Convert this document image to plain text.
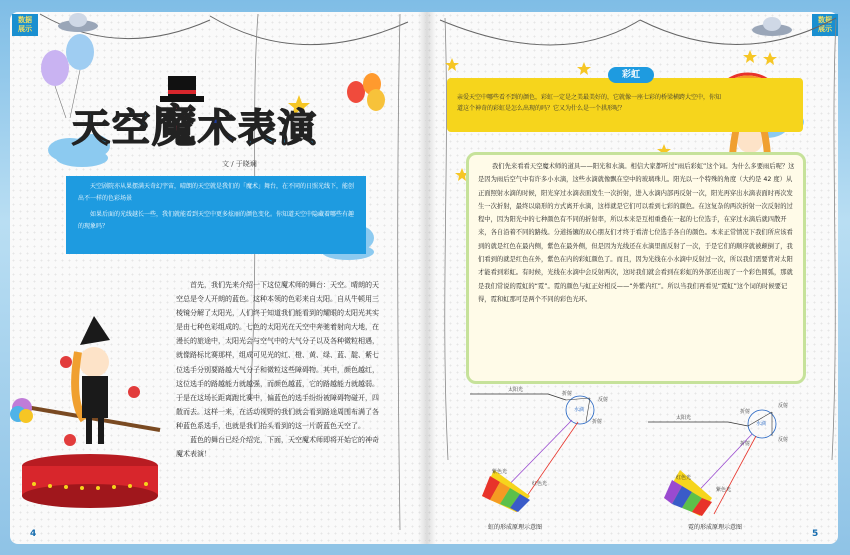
数据
展示
数据
展示
天空魔术表演
文 / 于晓斓

天空剧院亦从果摆满天奇幻宇宙，晴朗的天空就是我们的「魔术」舞台，在不同的日照光线下，能创出不一样的色彩场景

如果后面的光线越长一些，我们就能看到天空中更多炫丽的颜色变化。你知道天空中隐藏着哪些有趣的现象吗？

首先，我们先来介绍一下这位魔术师的舞台：天空。晴朗的天空总是令人开朗的蓝色。这种本领的色彩来自太阳。自从牛顿用三棱镜分解了太阳光，人们终于知道我们能看到的耀眼的太阳光其实是由七种色彩组成的。七色的太阳光在天空中奔驰着射向大地，在漫长的旅途中，太阳光会与空气中的大气分子以及各种微粒相遇，就像路标比赛那样，组成可见光的红、橙、黄、绿、蓝、靛、紫七位选手分别要路越大气分子和微粒这些障碍物。其中，颜色越红，这位选手的路越能力就越强，而颜色越蓝，它的路越能力就越弱。于是在这场长距离跑比赛中，偏蓝色的选手纷纷被障碍物碰开，四散而去。这样一来，在活动视野的我们就会看到路途周围布满了各种蓝色系选手，也就是我们抬头看到的这一片蔚蓝色天空了。

蓝色的舞台已经介绍完，下面，天空魔术师即将开始它的神奇魔术表演！

4
亲爱天空中哪些看不到的颜色，彩虹一定是之美最美好的，它就像一座七彩的桥梁横跨大空中，你知道这个神奇的彩虹是怎么出现的吗？它又为什么是一个拱形呢？
彩虹

我们先来看看天空魔术师的道具——阳光和水滴。相信大家都听过“雨后彩虹”这个词。为什么多要雨后呢？这是因为雨后空气中有许多小水滴，这些水滴就像飘在空中的玻璃珠儿。阳光以一个特殊的角度（大约是 42 度）从正面照射水滴的时候，阳光穿过水滴表面发生一次折射，进入水滴内部再反射一次，阳光再穿出水滴表面时再次发生一次折射，最终以扇形的方式离开水滴，这样就是它们可以看到七彩的颜色。在这复杂的两次折射一次反射的过程中，因为阳光中的七种颜色有不同的折射率，所以本来是互相重叠在一起的七位选手，在穿过水滴后就四散开来，各自沿着不同的路线。分道扬镳的双心朋友们才终于看清七位选手各自的颜色。本来正常情况下我们所应该看到的就是红色在最内侧，紫色在最外侧，但是因为光线还在水滴里面反射了一次，于是它们的顺序就被颠倒了，我们看到的就是红色在外，紫色在内的彩虹颜色了。而且，因为光线在小水滴中反射过一次，所以我们需要背对太阳才能看到彩虹。有时候，光线在水滴中会反射两次，这时我们就会看到在彩虹的外部还出现了一个彩色圆弧，那就是我们常说的霓虹的“霓”。霓的颜色与虹正好相反——“外紫内红”。所以当我们再看见“霓虹”这个词的时候要记得，霓和虹那可是两个不同的彩色光环。

太阳光
水滴
折射
反射
折射
紫色光
红色光
虹的形成原理示意图
太阳光
水滴
折射
反射
反射
折射
红色光
紫色光
霓的形成原理示意图
5
